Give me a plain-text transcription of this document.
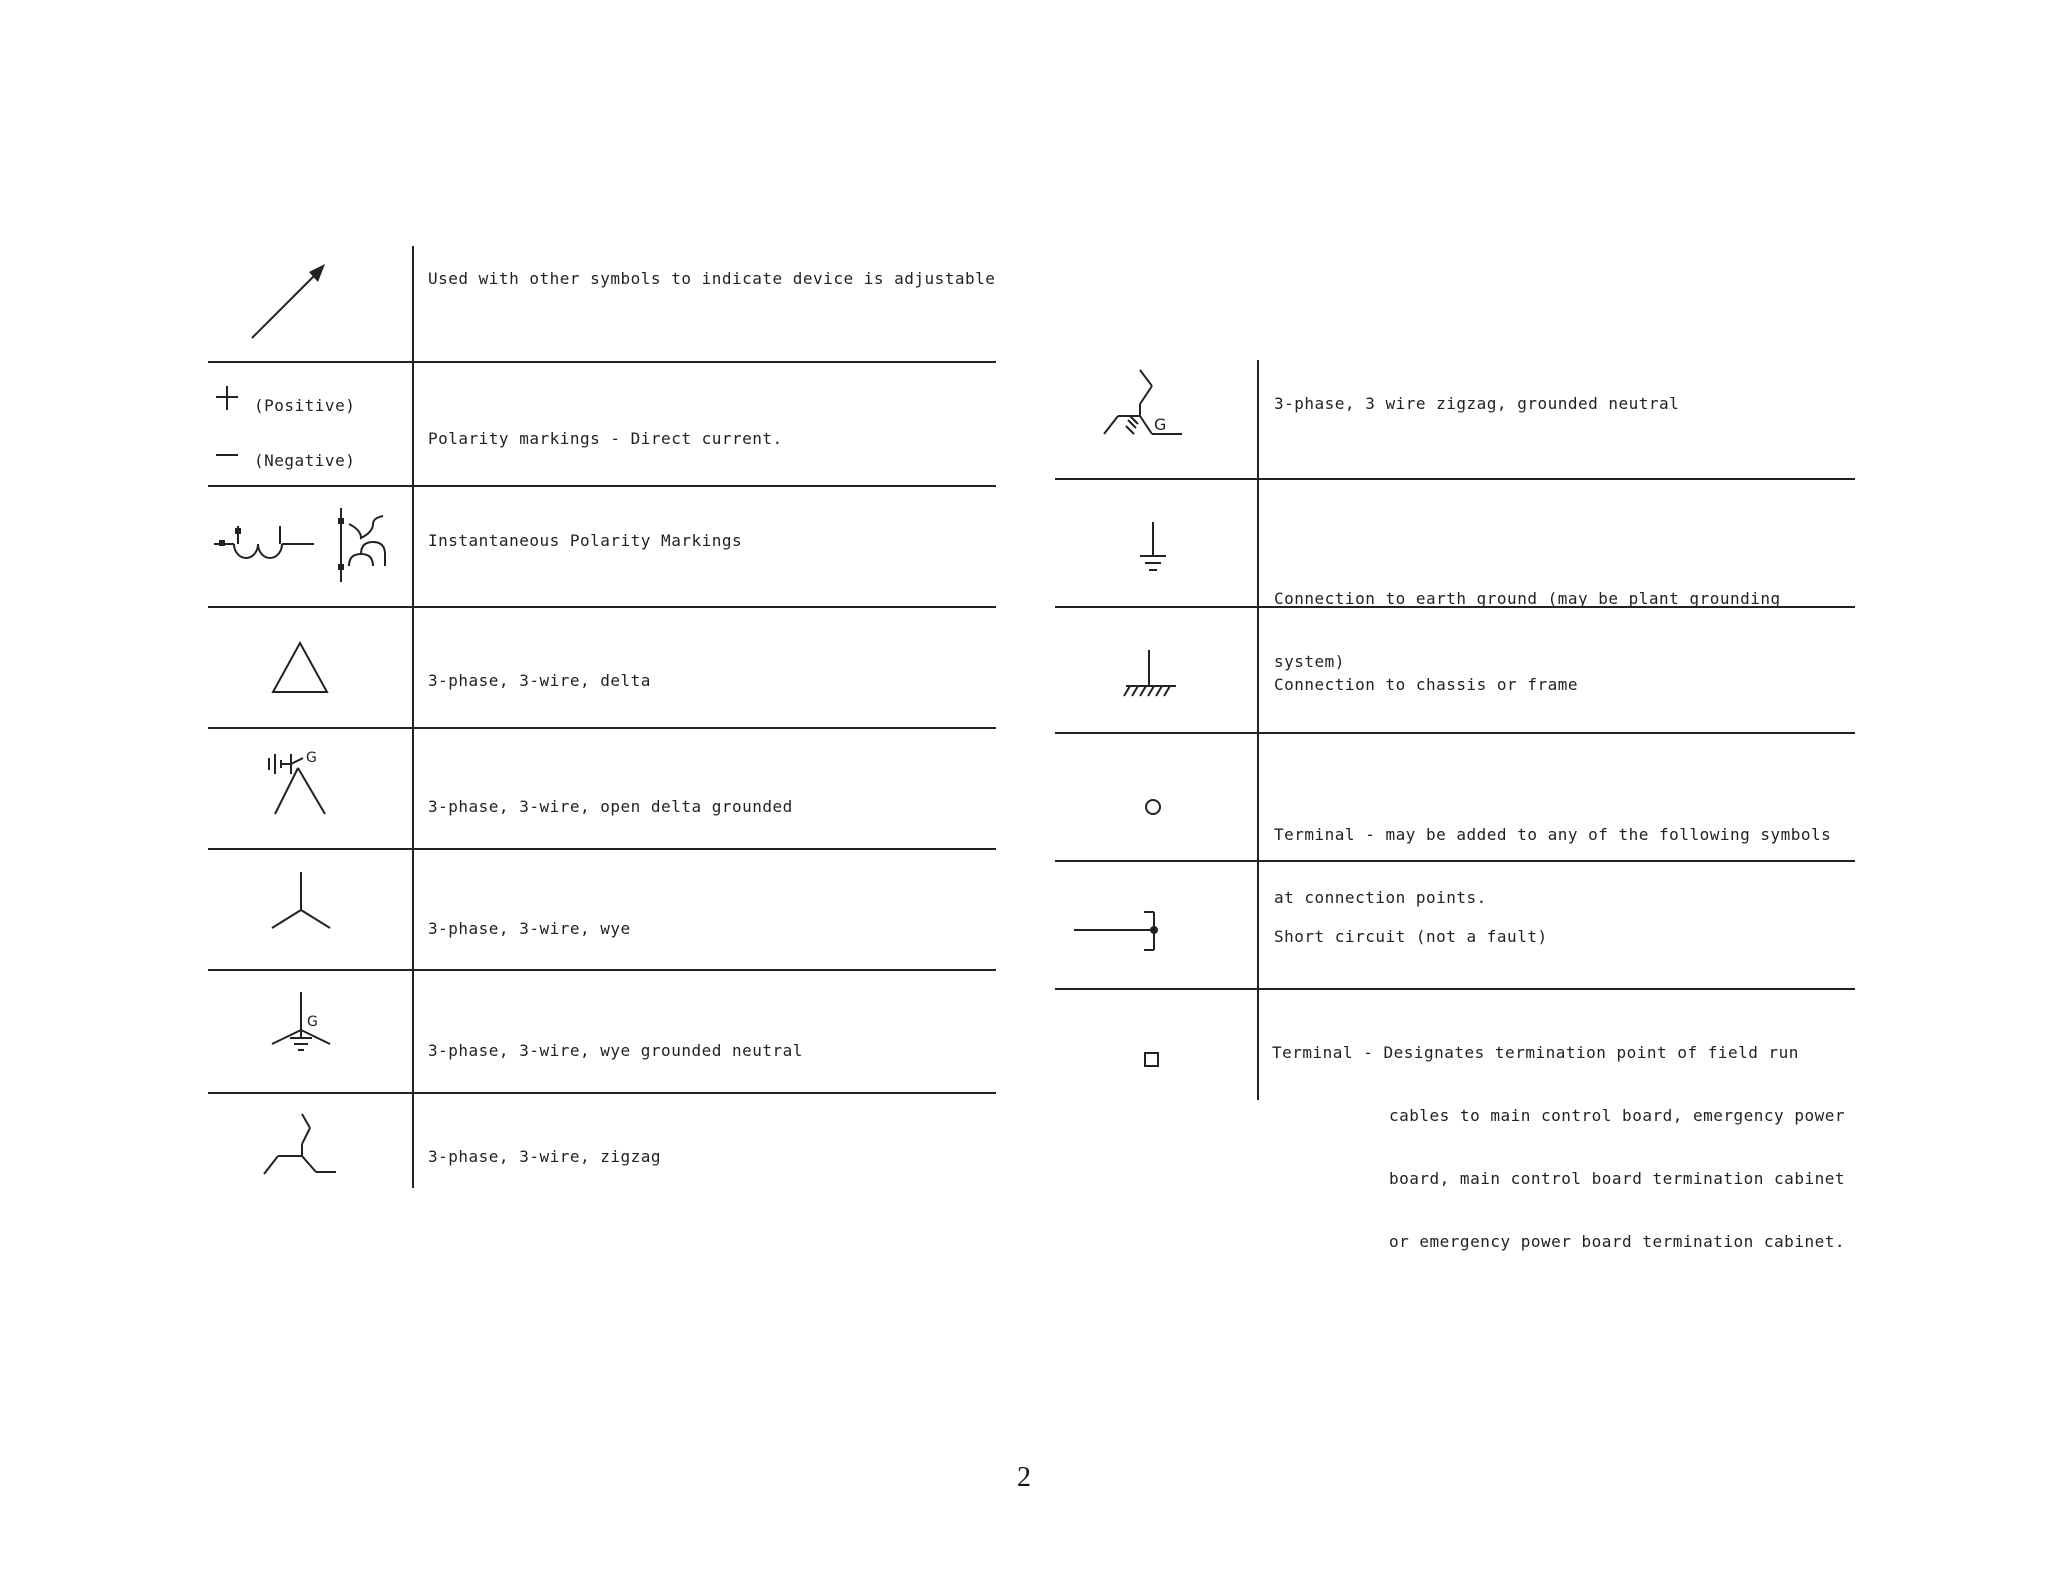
Used with other symbols to indicate device is adjustable
(Positive)
(Negative)
Polarity markings - Direct current.
Instantaneous Polarity Markings
3-phase, 3-wire, delta
G
3-phase, 3-wire, open delta grounded
3-phase, 3-wire, wye
G
3-phase, 3-wire, wye grounded neutral
3-phase, 3-wire, zigzag
G
3-phase, 3 wire zigzag, grounded neutral

Connection to earth ground (may be plant grounding

system)

Connection to chassis or frame

Terminal - may be added to any of the following symbols

at connection points.

Short circuit (not a fault)

Terminal - Designates termination point of field run

cables to main control board, emergency power

board, main control board termination cabinet

or emergency power board termination cabinet.

2
